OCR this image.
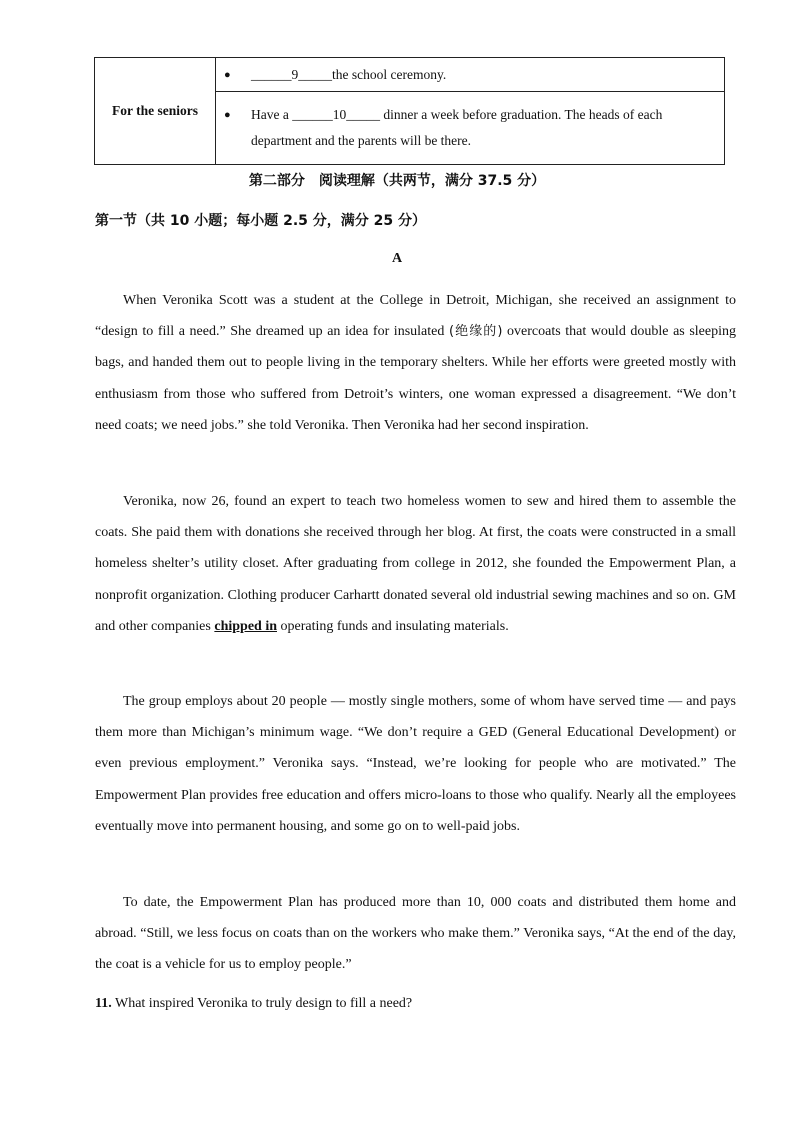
For the seniors	
● ______9_____the school ceremony.

● Have a ______10_____ dinner a week before graduation. The heads of each department and the parents will be there.
第二部分　阅读理解（共两节，满分 37.5 分）
第一节（共 10 小题；每小题 2.5 分，满分 25 分）
A

When Veronika Scott was a student at the College in Detroit, Michigan, she received an assignment to “design to fill a need.” She dreamed up an idea for insulated (绝缘的) overcoats that would double as sleeping bags, and handed them out to people living in the temporary shelters. While her efforts were greeted mostly with enthusiasm from those who suffered from Detroit’s winters, one woman expressed a disagreement. “We don’t need coats; we need jobs.” she told Veronika. Then Veronika had her second inspiration.

Veronika, now 26, found an expert to teach two homeless women to sew and hired them to assemble the coats. She paid them with donations she received through her blog. At first, the coats were constructed in a small homeless shelter’s utility closet. After graduating from college in 2012, she founded the Empowerment Plan, a nonprofit organization. Clothing producer Carhartt donated several old industrial sewing machines and so on. GM and other companies chipped in operating funds and insulating materials.

The group employs about 20 people — mostly single mothers, some of whom have served time — and pays them more than Michigan’s minimum wage. “We don’t require a GED (General Educational Development) or even previous employment.” Veronika says. “Instead, we’re looking for people who are motivated.” The Empowerment Plan provides free education and offers micro-loans to those who qualify. Nearly all the employees eventually move into permanent housing, and some go on to well-paid jobs.

To date, the Empowerment Plan has produced more than 10, 000 coats and distributed them home and abroad. “Still, we less focus on coats than on the workers who make them.” Veronika says, “At the end of the day, the coat is a vehicle for us to employ people.”

11. What inspired Veronika to truly design to fill a need?
